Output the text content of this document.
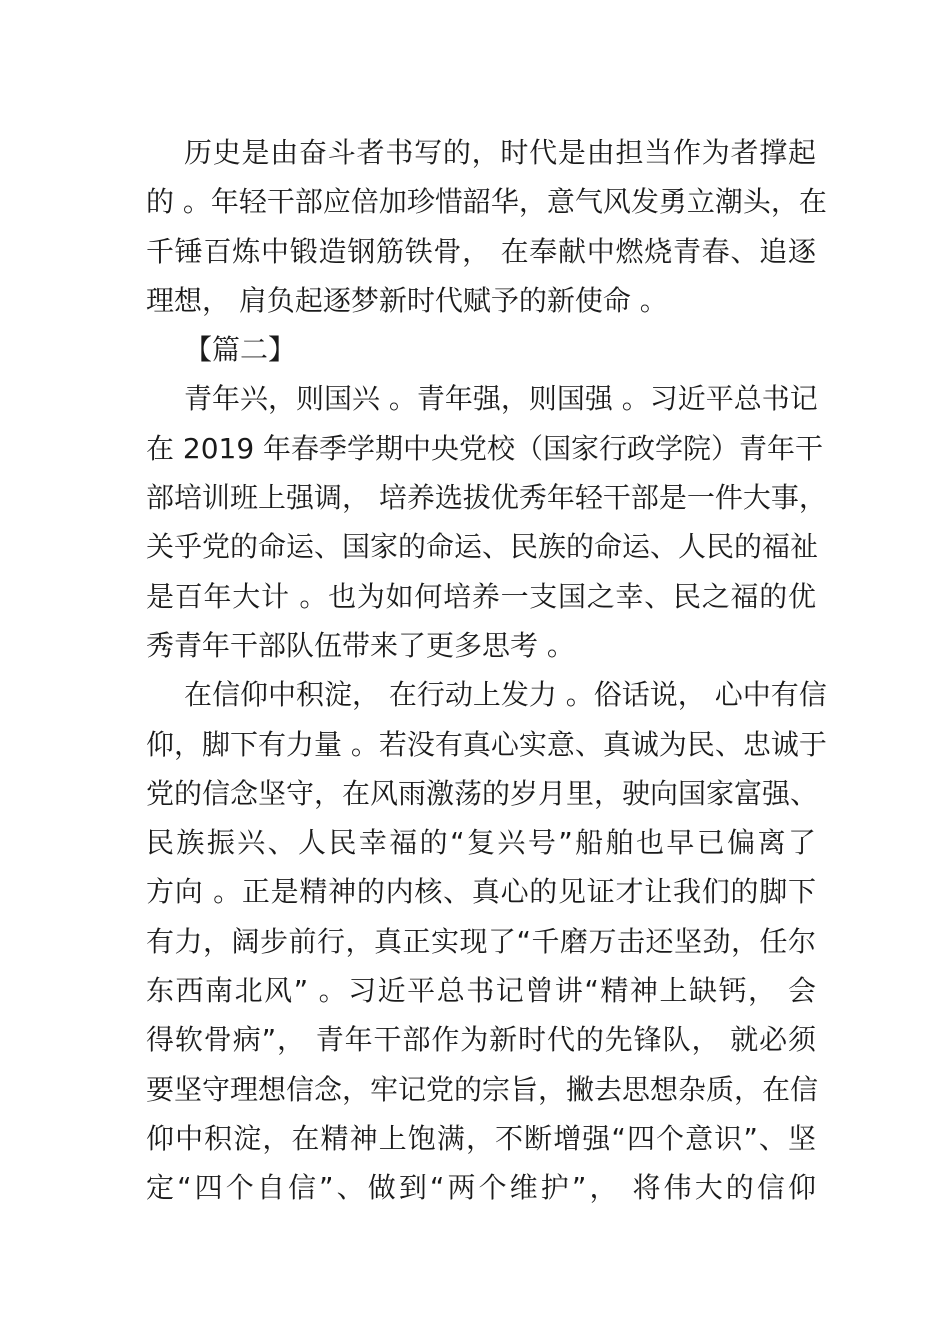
历史是由奋斗者书写的，时代是由担当作为者撑起
的 。年轻干部应倍加珍惜韶华，意气风发勇立潮头，在
千锤百炼中锻造钢筋铁骨， 在奉献中燃烧青春、追逐
理想， 肩负起逐梦新时代赋予的新使命 。
【篇二】
青年兴，则国兴 。青年强，则国强 。习近平总书记
在 2019 年春季学期中央党校（国家行政学院）青年干
部培训班上强调， 培养选拔优秀年轻干部是一件大事，
关乎党的命运、国家的命运、民族的命运、人民的福祉
是百年大计 。也为如何培养一支国之幸、民之福的优
秀青年干部队伍带来了更多思考 。
在信仰中积淀， 在行动上发力 。俗话说， 心中有信
仰，脚下有力量 。若没有真心实意、真诚为民、忠诚于
党的信念坚守，在风雨激荡的岁月里，驶向国家富强、
民族振兴、人民幸福的“复兴号”船舶也早已偏离了
方向 。正是精神的内核、真心的见证才让我们的脚下
有力，阔步前行，真正实现了“千磨万击还坚劲，任尔
东西南北风” 。习近平总书记曾讲“精神上缺钙， 会
得软骨病”， 青年干部作为新时代的先锋队， 就必须
要坚守理想信念，牢记党的宗旨，撇去思想杂质，在信
仰中积淀，在精神上饱满，不断增强“四个意识”、坚
定“四个自信”、做到“两个维护”， 将伟大的信仰
